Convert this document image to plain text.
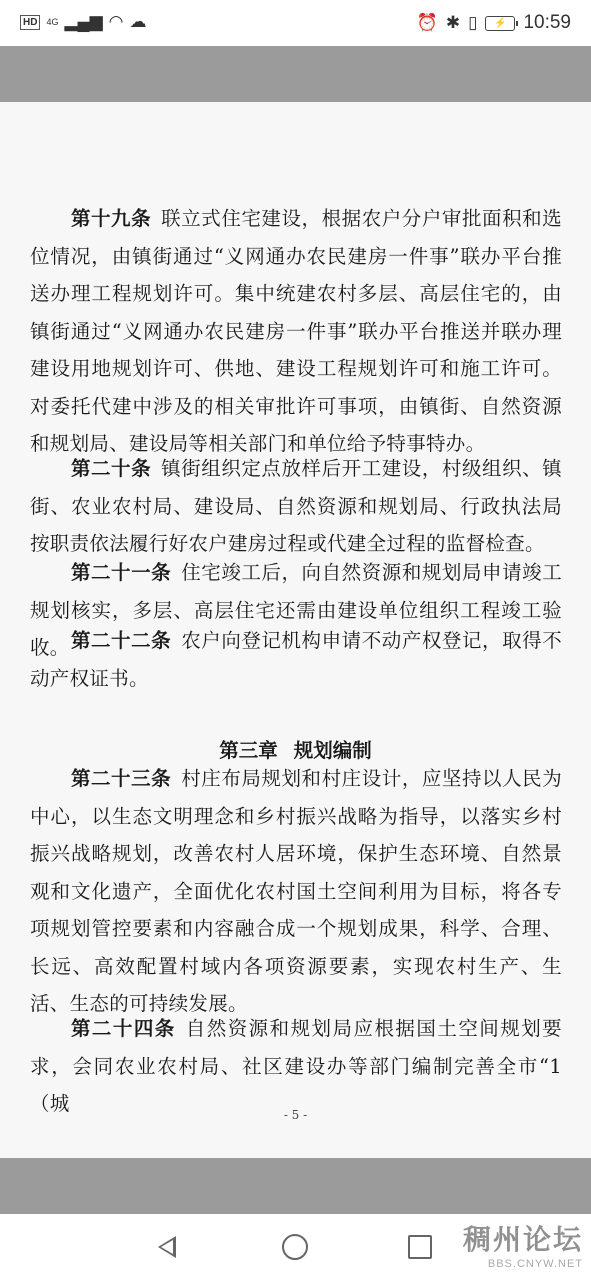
HD	4G ▂▄▆ ◠ ☁	⏰ ✱ ▯	⚡ 10:59
第十九条 联立式住宅建设，根据农户分户审批面积和选位情况，由镇街通过“义网通办农民建房一件事”联办平台推送办理工程规划许可。集中统建农村多层、高层住宅的，由镇街通过“义网通办农民建房一件事”联办平台推送并联办理建设用地规划许可、供地、建设工程规划许可和施工许可。对委托代建中涉及的相关审批许可事项，由镇街、自然资源和规划局、建设局等相关部门和单位给予特事特办。
第二十条 镇街组织定点放样后开工建设，村级组织、镇街、农业农村局、建设局、自然资源和规划局、行政执法局按职责依法履行好农户建房过程或代建全过程的监督检查。
第二十一条 住宅竣工后，向自然资源和规划局申请竣工规划核实，多层、高层住宅还需由建设单位组织工程竣工验收。 第二十二条 农户向登记机构申请不动产权登记，取得不动产权证书。
第三章 规划编制
第二十三条 村庄布局规划和村庄设计，应坚持以人民为中心，以生态文明理念和乡村振兴战略为指导，以落实乡村振兴战略规划，改善农村人居环境，保护生态环境、自然景观和文化遗产，全面优化农村国土空间利用为目标，将各专项规划管控要素和内容融合成一个规划成果，科学、合理、长远、高效配置村域内各项资源要素，实现农村生产、生活、生态的可持续发展。
第二十四条 自然资源和规划局应根据国土空间规划要求，会同农业农村局、社区建设办等部门编制完善全市“1（城	- 5 -
稠州论坛
BBS.CNYW.NET
